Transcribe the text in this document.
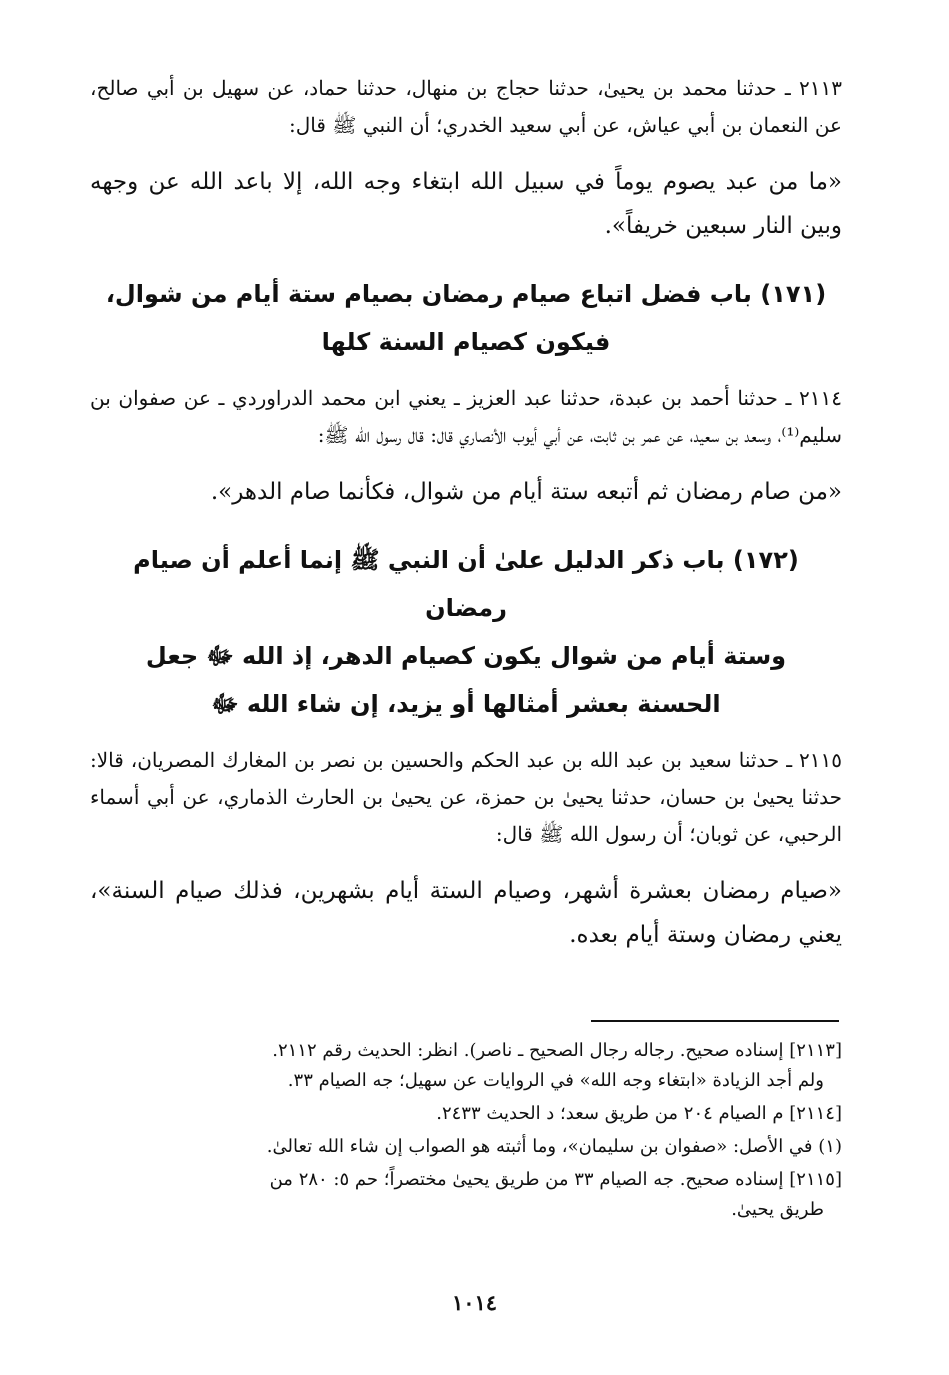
٢١١٣ ـ حدثنا محمد بن يحيىٰ، حدثنا حجاج بن منهال، حدثنا حماد، عن سهيل بن أبي صالح، عن النعمان بن أبي عياش، عن أبي سعيد الخدري؛ أن النبي ﷺ قال:

«ما من عبد يصوم يوماً في سبيل الله ابتغاء وجه الله، إلا باعد الله عن وجهه وبين النار سبعين خريفاً».

(١٧١) باب فضل اتباع صيام رمضان بصيام ستة أيام من شوال،
فيكون كصيام السنة كلها

٢١١٤ ـ حدثنا أحمد بن عبدة، حدثنا عبد العزيز ـ يعني ابن محمد الدراوردي ـ عن صفوان بن سليم⁽¹⁾، وسعد بن سعيد، عن عمر بن ثابت، عن أبي أيوب الأنصاري قال: قال رسول الله ﷺ:

«من صام رمضان ثم أتبعه ستة أيام من شوال، فكأنما صام الدهر».

(١٧٢) باب ذكر الدليل علىٰ أن النبي ﷺ إنما أعلم أن صيام رمضان
وستة أيام من شوال يكون كصيام الدهر، إذ الله ﷻ جعل
الحسنة بعشر أمثالها أو يزيد، إن شاء الله ﷻ

٢١١٥ ـ حدثنا سعيد بن عبد الله بن عبد الحكم والحسين بن نصر بن المغارك المصريان، قالا: حدثنا يحيىٰ بن حسان، حدثنا يحيىٰ بن حمزة، عن يحيىٰ بن الحارث الذماري، عن أبي أسماء الرحبي، عن ثوبان؛ أن رسول الله ﷺ قال:

«صيام رمضان بعشرة أشهر، وصيام الستة أيام بشهرين، فذلك صيام السنة»، يعني رمضان وستة أيام بعده.

[٢١١٣] إسناده صحيح. رجاله رجال الصحيح ـ ناصر). انظر: الحديث رقم ٢١١٢.
ولم أجد الزيادة «ابتغاء وجه الله» في الروايات عن سهيل؛ جه الصيام ٣٣.

[٢١١٤] م الصيام ٢٠٤ من طريق سعد؛ د الحديث ٢٤٣٣.

(١) في الأصل: «صفوان بن سليمان»، وما أثبته هو الصواب إن شاء الله تعالىٰ.

[٢١١٥] إسناده صحيح. جه الصيام ٣٣ من طريق يحيىٰ مختصراً؛ حم ٥: ٢٨٠ من
طريق يحيىٰ.

١٠١٤
